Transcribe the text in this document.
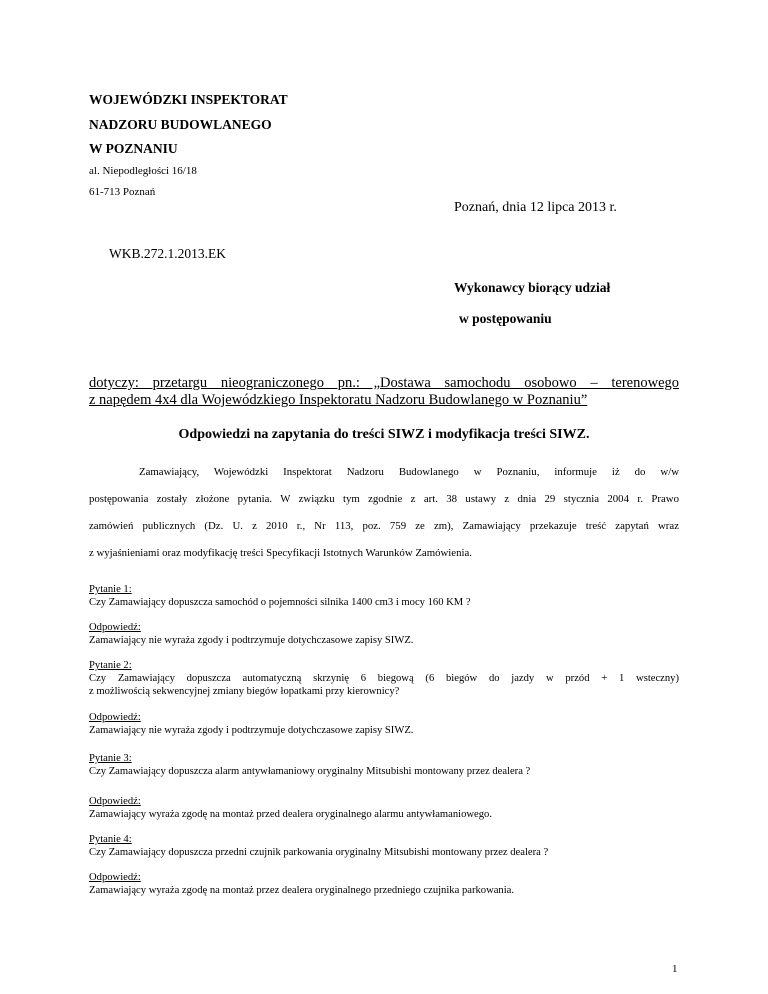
WOJEWÓDZKI INSPEKTORAT
NADZORU BUDOWLANEGO
W POZNANIU
al. Niepodległości 16/18
61-713 Poznań
Poznań, dnia 12 lipca 2013 r.
WKB.272.1.2013.EK
Wykonawcy biorący udział
w postępowaniu
dotyczy: przetargu nieograniczonego pn.: „Dostawa samochodu osobowo – terenowego
z napędem 4x4 dla Wojewódzkiego Inspektoratu Nadzoru Budowlanego w Poznaniu”
Odpowiedzi na zapytania do treści SIWZ i modyfikacja treści SIWZ.
Zamawiający, Wojewódzki Inspektorat Nadzoru Budowlanego w Poznaniu, informuje iż do w/w
postępowania zostały złożone pytania. W związku tym zgodnie z art. 38 ustawy z dnia 29 stycznia 2004 r. Prawo
zamówień publicznych (Dz. U. z 2010 r., Nr 113, poz. 759 ze zm), Zamawiający przekazuje treść zapytań wraz
z wyjaśnieniami oraz modyfikację treści Specyfikacji Istotnych Warunków Zamówienia.
Pytanie 1:
Czy Zamawiający dopuszcza samochód o pojemności silnika 1400 cm3 i mocy 160 KM ?
Odpowiedź:
Zamawiający nie wyraża zgody i podtrzymuje dotychczasowe zapisy SIWZ.
Pytanie 2:
Czy Zamawiający dopuszcza automatyczną skrzynię 6 biegową (6 biegów do jazdy w przód + 1 wsteczny)
z możliwością sekwencyjnej zmiany biegów łopatkami przy kierownicy?
Odpowiedź:
Zamawiający nie wyraża zgody i podtrzymuje dotychczasowe zapisy SIWZ.
Pytanie 3:
Czy Zamawiający dopuszcza alarm antywłamaniowy oryginalny Mitsubishi montowany przez dealera ?
Odpowiedź:
Zamawiający wyraża zgodę na montaż przed dealera oryginalnego alarmu antywłamaniowego.
Pytanie 4:
Czy Zamawiający dopuszcza przedni czujnik parkowania oryginalny Mitsubishi montowany przez dealera ?
Odpowiedź:
Zamawiający wyraża zgodę na montaż przez dealera oryginalnego przedniego czujnika parkowania.
1
